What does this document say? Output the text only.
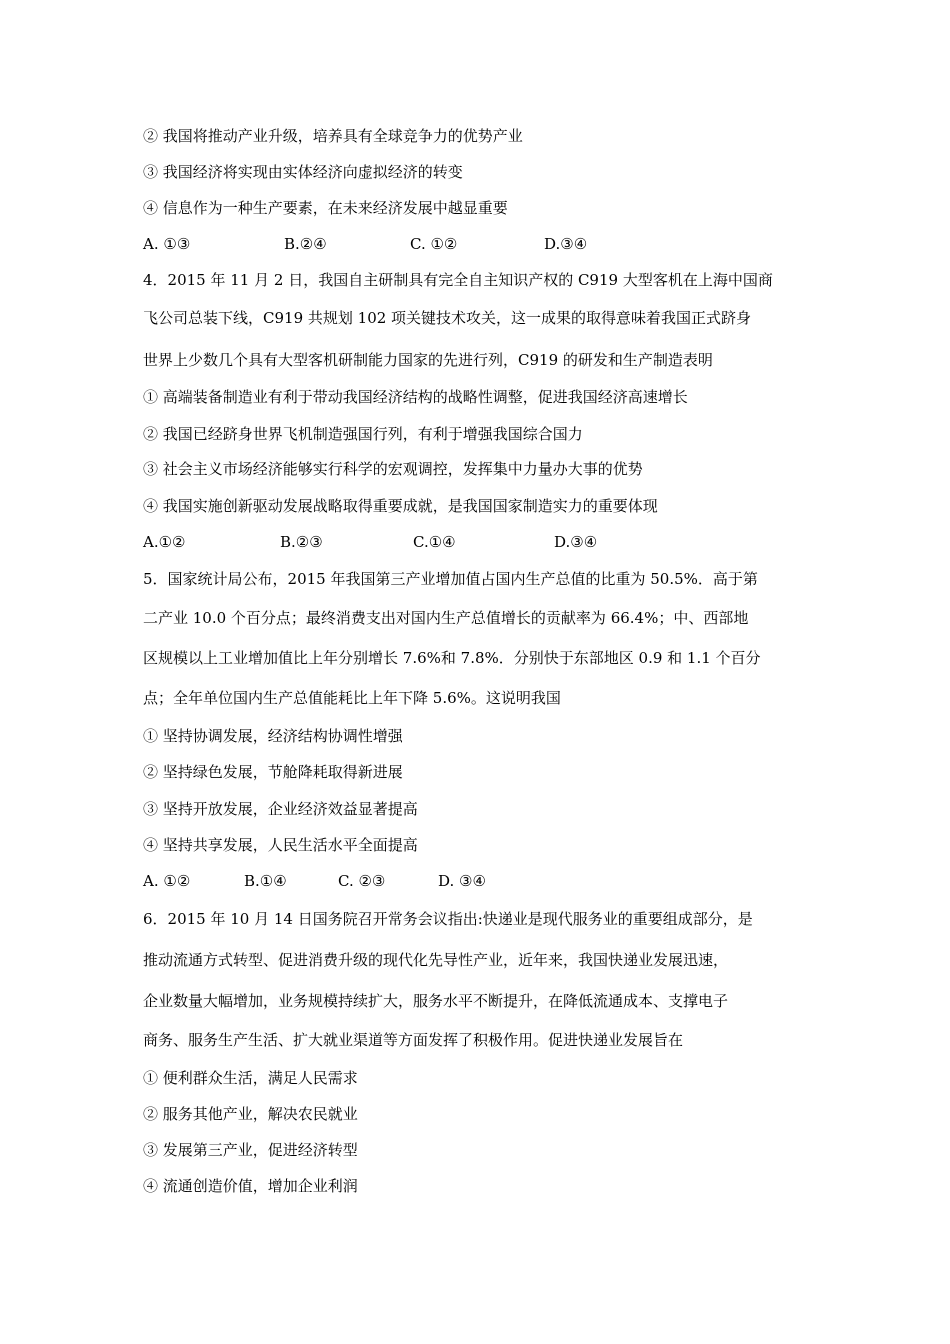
② 我国将推动产业升级，培养具有全球竞争力的优势产业
③ 我国经济将实现由实体经济向虚拟经济的转变
④ 信息作为一种生产要素，在未来经济发展中越显重要
A. ①③	B.②④	C. ①②	D.③④
4．2015 年 11 月 2 日，我国自主研制具有完全自主知识产权的 C919 大型客机在上海中国商
飞公司总装下线，C919 共规划 102 项关键技术攻关，这一成果的取得意味着我国正式跻身
世界上少数几个具有大型客机研制能力国家的先进行列，C919 的研发和生产制造表明
① 高端装备制造业有利于带动我国经济结构的战略性调整，促进我国经济高速增长
② 我国已经跻身世界飞机制造强国行列，有利于增强我国综合国力
③ 社会主义市场经济能够实行科学的宏观调控，发挥集中力量办大事的优势
④ 我国实施创新驱动发展战略取得重要成就，是我国国家制造实力的重要体现
A.①②	B.②③	C.①④	D.③④
5．国家统计局公布，2015 年我国第三产业增加值占国内生产总值的比重为 50.5%．高于第
二产业 10.0 个百分点；最终消费支出对国内生产总值增长的贡献率为 66.4%；中、西部地
区规模以上工业增加值比上年分别增长 7.6%和 7.8%．分别快于东部地区 0.9 和 1.1 个百分
点；全年单位国内生产总值能耗比上年下降 5.6%。这说明我国
① 坚持协调发展，经济结构协调性增强
② 坚持绿色发展，节舱降耗取得新进展
③ 坚持开放发展，企业经济效益显著提高
④ 坚持共享发展，人民生活水平全面提高
A. ①②	B.①④	C. ②③	D. ③④
6．2015 年 10 月 14 日国务院召开常务会议指出:快递业是现代服务业的重要组成部分，是
推动流通方式转型、促进消费升级的现代化先导性产业，近年来，我国快递业发展迅速，
企业数量大幅增加，业务规模持续扩大，服务水平不断提升，在降低流通成本、支撑电子
商务、服务生产生活、扩大就业渠道等方面发挥了积极作用。促进快递业发展旨在
① 便利群众生活，满足人民需求
② 服务其他产业，解决农民就业
③ 发展第三产业，促进经济转型
④ 流通创造价值，增加企业利润
